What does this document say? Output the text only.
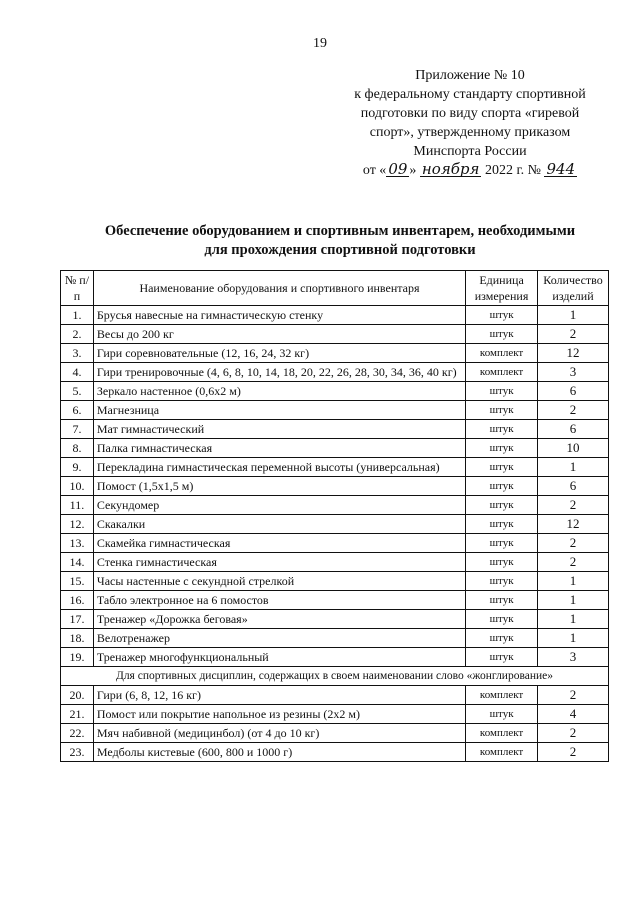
19
Приложение № 10
к федеральному стандарту спортивной
подготовки по виду спорта «гиревой
спорт», утвержденному приказом
Минспорта России
от « 09 » ноября 2022 г. № 944
Обеспечение оборудованием и спортивным инвентарем, необходимыми
для прохождения спортивной подготовки
№ п/п	Наименование оборудования и спортивного инвентаря	Единица измерения	Количество изделий
1.	Брусья навесные на гимнастическую стенку	штук	1
2.	Весы до 200 кг	штук	2
3.	Гири соревновательные (12, 16, 24, 32 кг)	комплект	12
4.	Гири тренировочные (4, 6, 8, 10, 14, 18, 20, 22, 26, 28, 30, 34, 36, 40 кг)	комплект	3
5.	Зеркало настенное (0,6х2 м)	штук	6
6.	Магнезница	штук	2
7.	Мат гимнастический	штук	6
8.	Палка гимнастическая	штук	10
9.	Перекладина гимнастическая переменной высоты (универсальная)	штук	1
10.	Помост (1,5х1,5 м)	штук	6
11.	Секундомер	штук	2
12.	Скакалки	штук	12
13.	Скамейка гимнастическая	штук	2
14.	Стенка гимнастическая	штук	2
15.	Часы настенные с секундной стрелкой	штук	1
16.	Табло электронное на 6 помостов	штук	1
17.	Тренажер «Дорожка беговая»	штук	1
18.	Велотренажер	штук	1
19.	Тренажер многофункциональный	штук	3
Для спортивных дисциплин, содержащих в своем наименовании слово «жонглирование»			
20.	Гири (6, 8, 12, 16 кг)	комплект	2
21.	Помост или покрытие напольное из резины (2х2 м)	штук	4
22.	Мяч набивной (медицинбол) (от 4 до 10 кг)	комплект	2
23.	Медболы кистевые (600, 800 и 1000 г)	комплект	2
